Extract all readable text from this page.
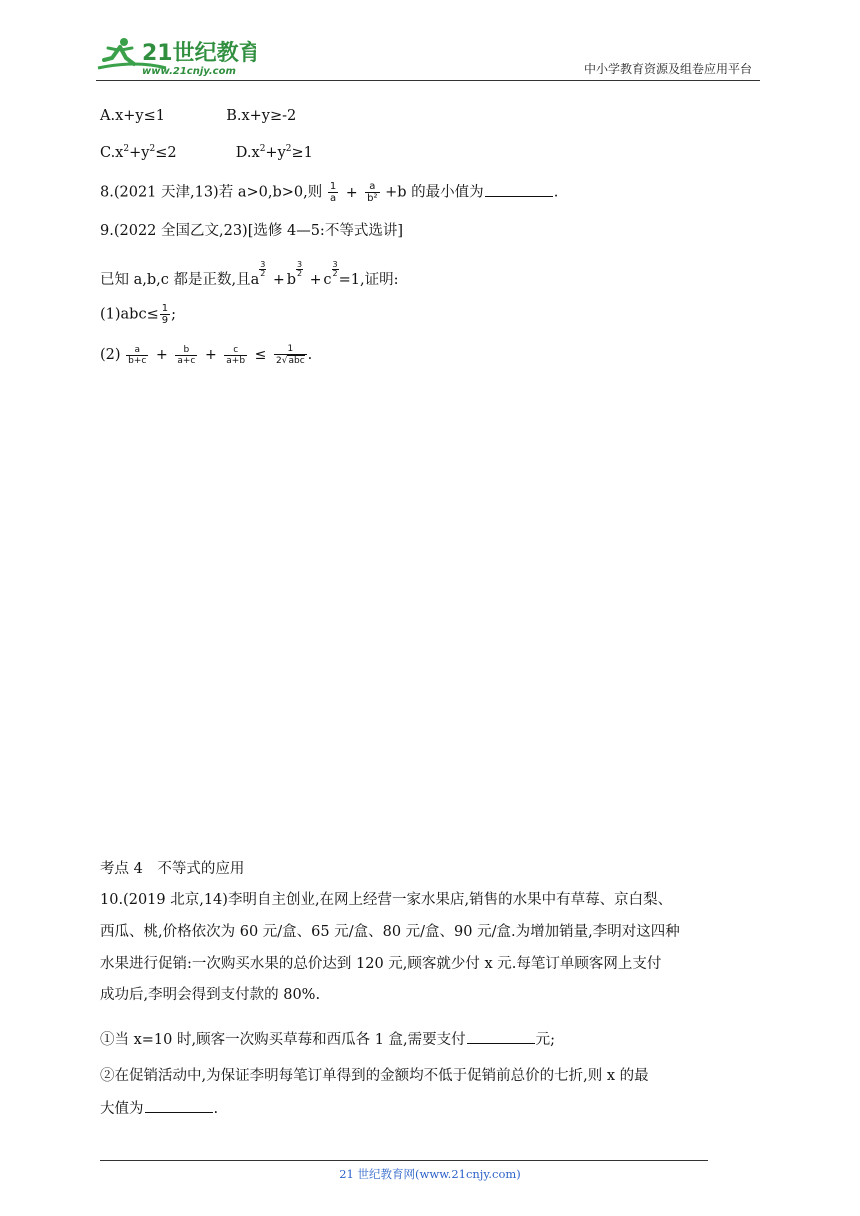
21世纪教育
www.21cnjy.com	中小学教育资源及组卷应用平台
A.x+y≤1	B.x+y≥-2
$C.x^2+y^2\le 2$	$D.x^2+y^2\ge 1$
8.(2021 天津,13)若 a>0,b>0,则 $\frac{1}{a} + \frac{a}{\text{b²}} +b$ 的最小值为	.
9.(2022 全国乙文,23)[选修 4—5:不等式选讲]
已知 a,b,c 都是正数,且a
$\frac{3}{2}$
+ b
$\frac{3}{2}$
+ c
$\frac{3}{2}$
=1,证明:
$(1)abc\le \frac{1}{9}$ ;
$(2) \frac{a}{b+c} + \frac{b}{a+c} + \frac{c}{a+b} \le \frac{1}{\text{2√abc}}$ .
考点 4　不等式的应用
10.(2019 北京,14)李明自主创业,在网上经营一家水果店,销售的水果中有草莓、京白梨、
西瓜、桃,价格依次为 60 元/盒、65 元/盒、80 元/盒、90 元/盒.为增加销量,李明对这四种
水果进行促销:一次购买水果的总价达到 120 元,顾客就少付 x 元.每笔订单顾客网上支付
成功后,李明会得到支付款的 80%.
①当 x=10 时,顾客一次购买草莓和西瓜各 1 盒,需要支付	元;
②在促销活动中,为保证李明每笔订单得到的金额均不低于促销前总价的七折,则 x 的最
大值为	.
21 世纪教育网(www.21cnjy.com)
